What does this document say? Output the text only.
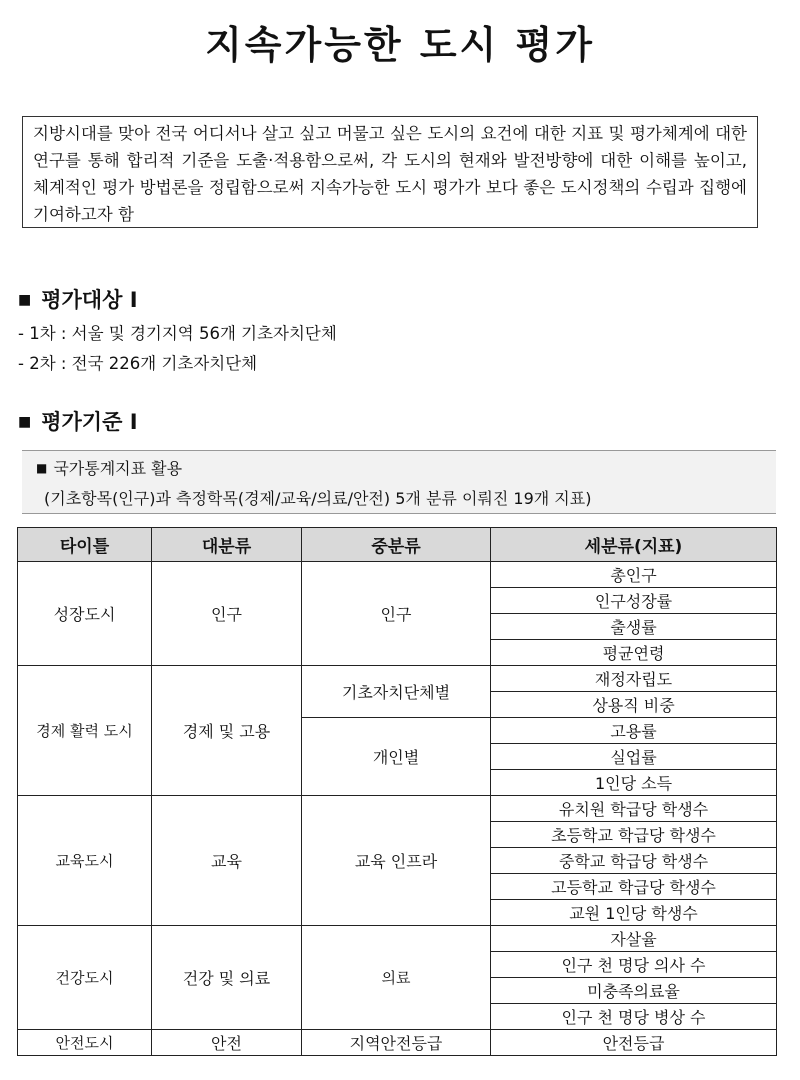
지속가능한 도시 평가
지방시대를 맞아 전국 어디서나 살고 싶고 머물고 싶은 도시의 요건에 대한 지표 및 평가체계에 대한 연구를 통해 합리적 기준을 도출·적용함으로써, 각 도시의 현재와 발전방향에 대한 이해를 높이고, 체계적인 평가 방법론을 정립함으로써 지속가능한 도시 평가가 보다 좋은 도시정책의 수립과 집행에 기여하고자 함
■ 평가대상 I
- 1차 : 서울 및 경기지역 56개 기초자치단체
- 2차 : 전국 226개 기초자치단체
■ 평가기준 I
■ 국가통계지표 활용
(기초항목(인구)과 측정학목(경제/교육/의료/안전) 5개 분류 이뤄진 19개 지표)
타이틀	대분류	중분류	세분류(지표)
성장도시	인구	인구	총인구
			인구성장률
			출생률
			평균연령
경제 활력 도시	경제 및 고용	기초자치단체별	재정자립도
			상용직 비중
		개인별	고용률
			실업률
			1인당 소득
교육도시	교육	교육 인프라	유치원 학급당 학생수
			초등학교 학급당 학생수
			중학교 학급당 학생수
			고등학교 학급당 학생수
			교원 1인당 학생수
건강도시	건강 및 의료	의료	자살율
			인구 천 명당 의사 수
			미충족의료율
			인구 천 명당 병상 수
안전도시	안전	지역안전등급	안전등급
